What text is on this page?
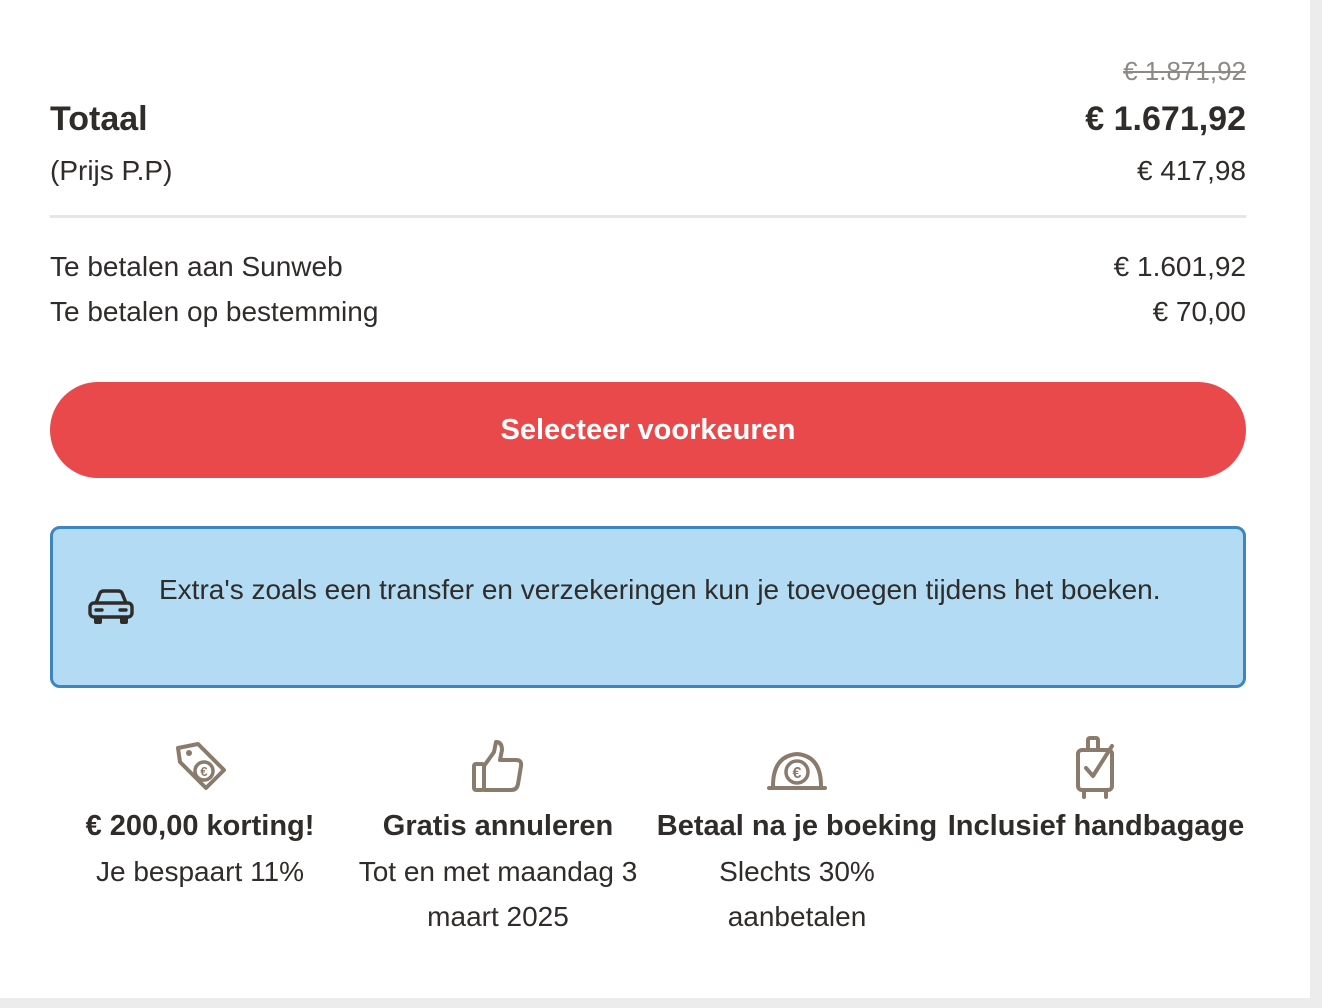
€ 1.871,92
Totaal	€ 1.671,92
(Prijs P.P)	€ 417,98
Te betalen aan Sunweb	€ 1.601,92
Te betalen op bestemming	€ 70,00
Selecteer voorkeuren
Extra's zoals een transfer en verzekeringen kun je toevoegen tijdens het boeken.
€
€ 200,00 korting!
Je bespaart 11%
Gratis annuleren
Tot en met maandag 3 maart 2025
€
Betaal na je boeking
Slechts 30% aanbetalen
Inclusief handbagage
